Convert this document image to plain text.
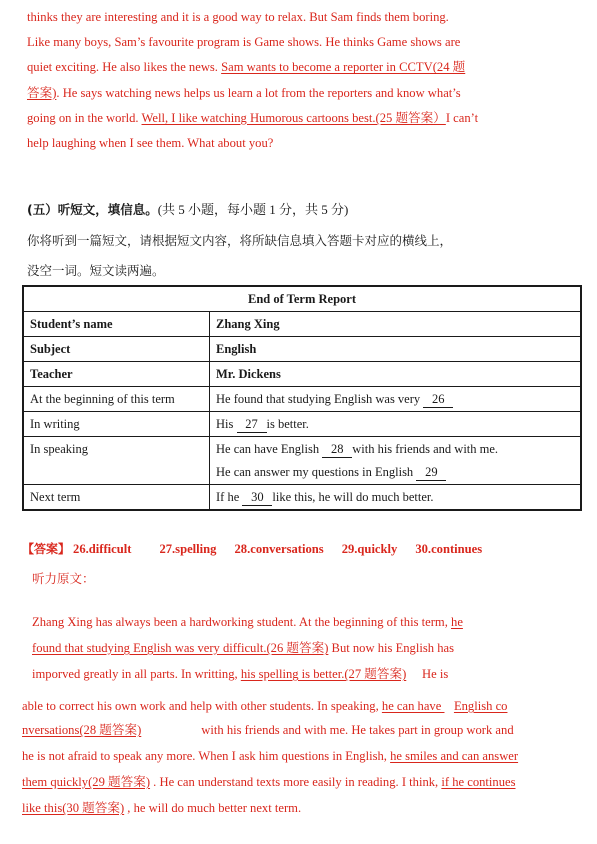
thinks they are interesting and it is a good way to relax. But Sam finds them boring.
Like many boys, Sam’s favourite program is Game shows. He thinks Game shows are
quiet exciting. He also likes the news. Sam wants to become a reporter in CCTV(24 题
答案). He says watching news helps us learn a lot from the reporters and know what’s
going on in the world. Well, I like watching Humorous cartoons best.(25 题答案）I can’t
help laughing when I see them. What about you?

(五）听短文，填信息。(共 5 小题，每小题 1 分，共 5 分)

你将听到一篇短文，请根据短文内容，将所缺信息填入答题卡对应的横线上，

没空一词。短文读两遍。

End of Term Report	
Student’s name	Zhang Xing
Subject	English
Teacher	Mr. Dickens
At the beginning of this term	He found that studying English was very 26
In writing	His 27 is better.
In speaking	He can have English 28 with his friends and with me.
He can answer my questions in English 29

Next term	If he 30 like this, he will do much better.

【答案】 26.difficult 27.spelling 28.conversations 29.quickly 30.continues

听力原文：

Zhang Xing has always been a hardworking student. At the beginning of this term, he

found that studying English was very difficult.(26 题答案) But now his English has

imporved greatly in all parts. In writting, his spelling is better.(27 题答案)     He is

able to correct his own work and help with other students. In speaking, he can have    English co

nversations(28 题答案)	with his friends and with me. He takes part in group work and

he is not afraid to speak any more. When I ask him questions in English, he smiles and can answer

them quickly(29 题答案) . He can understand texts more easily in reading. I think, if he continues

like this(30 题答案) , he will do much better next term.
